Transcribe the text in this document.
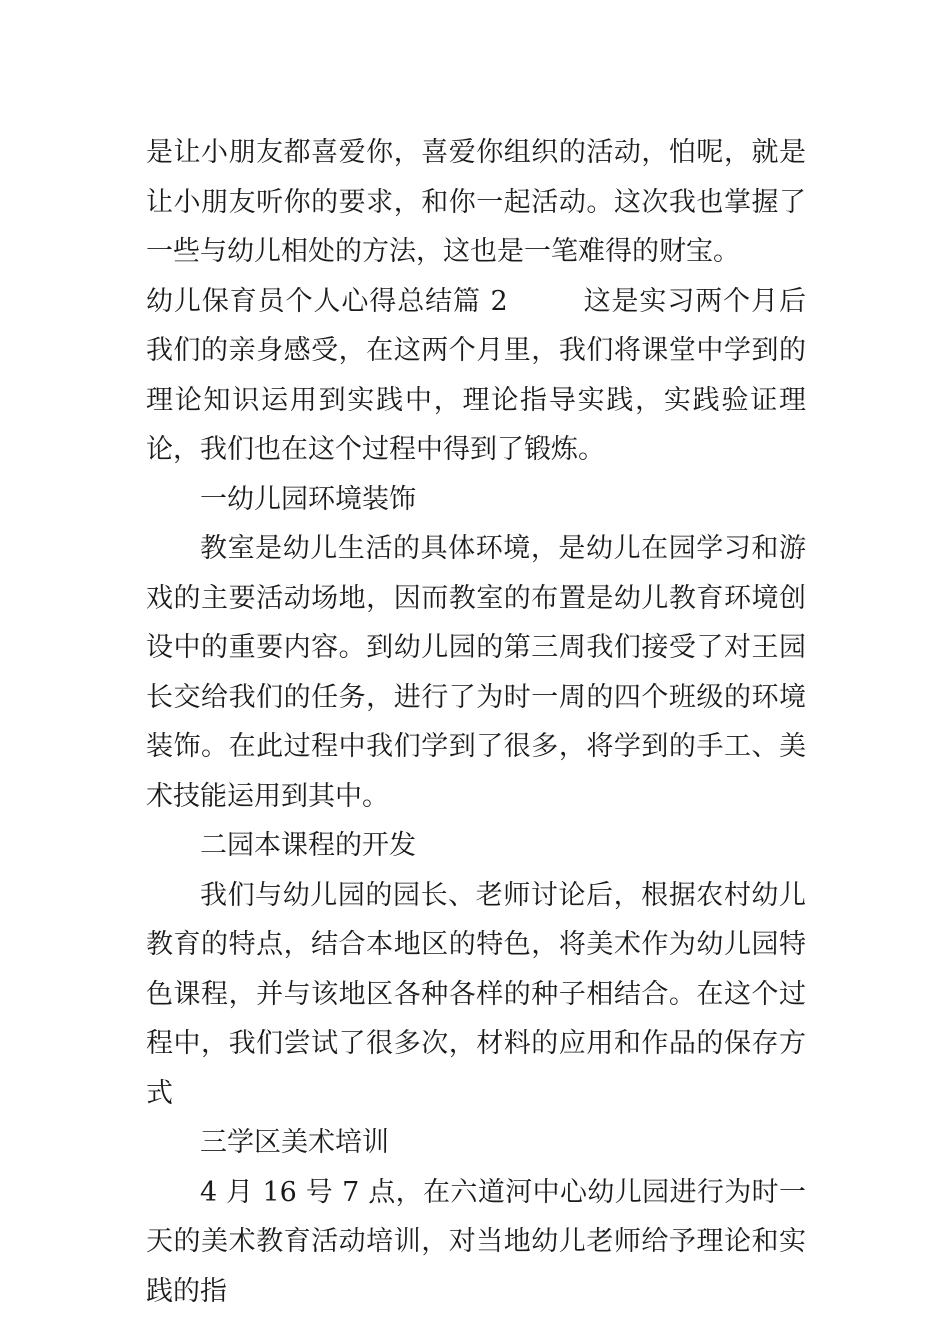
是让小朋友都喜爱你，喜爱你组织的活动，怕呢，就是让小朋友听你的要求，和你一起活动。这次我也掌握了一些与幼儿相处的方法，这也是一笔难得的财宝。

幼儿保育员个人心得总结篇 2	这是实习两个月后我们的亲身感受，在这两个月里，我们将课堂中学到的理论知识运用到实践中，理论指导实践，实践验证理论，我们也在这个过程中得到了锻炼。

一幼儿园环境装饰

教室是幼儿生活的具体环境，是幼儿在园学习和游戏的主要活动场地，因而教室的布置是幼儿教育环境创设中的重要内容。到幼儿园的第三周我们接受了对王园长交给我们的任务，进行了为时一周的四个班级的环境装饰。在此过程中我们学到了很多，将学到的手工、美术技能运用到其中。

二园本课程的开发

我们与幼儿园的园长、老师讨论后，根据农村幼儿教育的特点，结合本地区的特色，将美术作为幼儿园特色课程，并与该地区各种各样的种子相结合。在这个过程中，我们尝试了很多次，材料的应用和作品的保存方式

三学区美术培训

4 月 16 号 7 点，在六道河中心幼儿园进行为时一天的美术教育活动培训，对当地幼儿老师给予理论和实践的指
